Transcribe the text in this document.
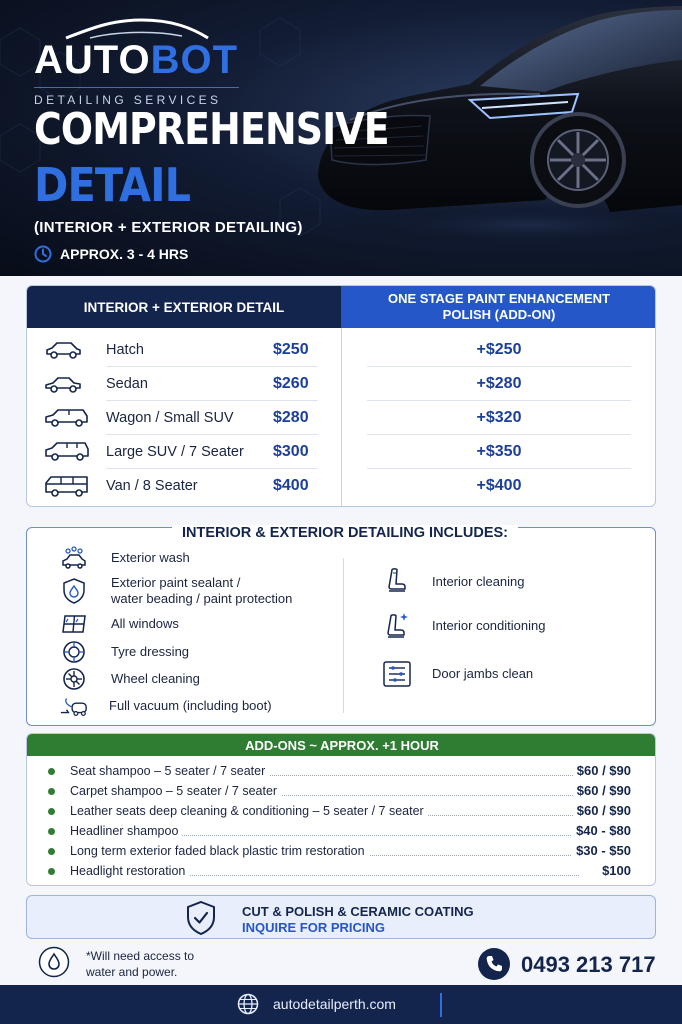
AUTOBOT
DETAILING SERVICES
COMPREHENSIVE
DETAIL
(INTERIOR + EXTERIOR DETAILING)
APPROX. 3 - 4 HRS
INTERIOR + EXTERIOR DETAIL
ONE STAGE PAINT ENHANCEMENT
POLISH (ADD-ON)
Hatch	$250	+$250
Sedan	$260	+$280
Wagon / Small SUV $280	+$320
Large SUV / 7 Seater $300	+$350
Van / 8 Seater	$400	+$400
INTERIOR & EXTERIOR DETAILING INCLUDES:
Exterior wash
Exterior paint sealant /
water beading / paint protection
All windows
Tyre dressing
Wheel cleaning
Full vacuum (including boot)
Interior cleaning
Interior conditioning
Door jambs clean
ADD-ONS ~ APPROX. +1 HOUR
Seat shampoo – 5 seater / 7 seater	$60 / $90
Carpet shampoo – 5 seater / 7 seater	$60 / $90
Leather seats deep cleaning & conditioning – 5 seater / 7 seater	$60 / $90
Headliner shampoo	$40 - $80
Long term exterior faded black plastic trim restoration	$30 - $50
Headlight restoration	$100
CUT & POLISH & CERAMIC COATING
INQUIRE FOR PRICING
*Will need access to
water and power.	0493 213 717
autodetailperth.com
